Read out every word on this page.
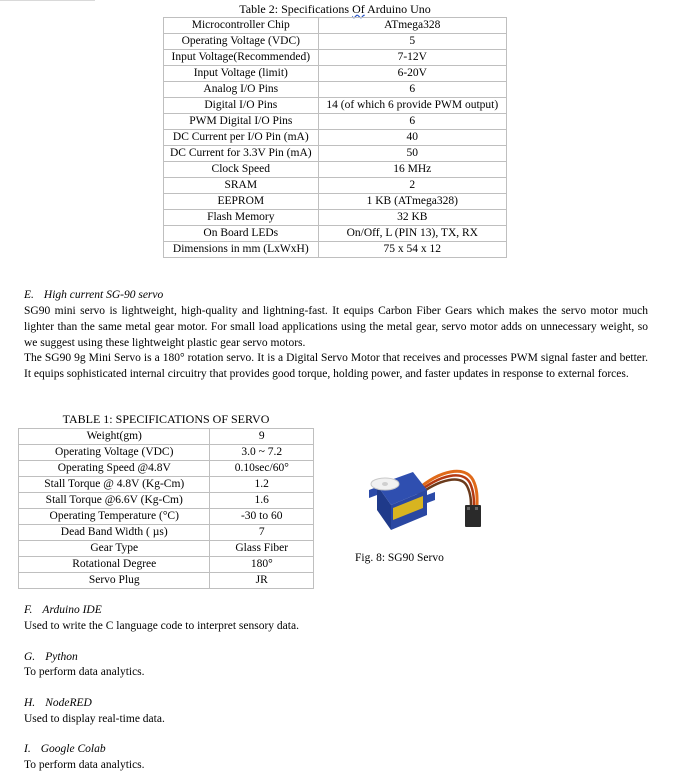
Table 2: Specifications Of Arduino Uno
Microcontroller Chip	ATmega328
Operating Voltage (VDC)	5
Input Voltage(Recommended)	7-12V
Input Voltage (limit)	6-20V
Analog I/O Pins	6
Digital I/O Pins	14 (of which 6 provide PWM output)
PWM Digital I/O Pins	6
DC Current per I/O Pin (mA)	40
DC Current for 3.3V Pin (mA)	50
Clock Speed	16 MHz
SRAM	2
EEPROM	1 KB (ATmega328)
Flash Memory	32 KB
On Board LEDs	On/Off, L (PIN 13), TX, RX
Dimensions in mm (LxWxH)	75 x 54 x 12
E. High current SG-90 servo
SG90 mini servo is lightweight, high-quality and lightning-fast. It equips Carbon Fiber Gears which makes the servo motor much lighter than the same metal gear motor. For small load applications using the metal gear, servo motor adds on unnecessary weight, so we suggest using these lightweight plastic gear servo motors.
The SG90 9g Mini Servo is a 180° rotation servo. It is a Digital Servo Motor that receives and processes PWM signal faster and better. It equips sophisticated internal circuitry that provides good torque, holding power, and faster updates in response to external forces.
TABLE 1: SPECIFICATIONS OF SERVO
Weight(gm)	9
Operating Voltage (VDC)	3.0 ~ 7.2
Operating Speed @4.8V	0.10sec/60°
Stall Torque @ 4.8V (Kg-Cm)	1.2
Stall Torque @6.6V (Kg-Cm)	1.6
Operating Temperature (°C)	-30 to 60
Dead Band Width ( µs)	7
Gear Type	Glass Fiber
Rotational Degree	180°
Servo Plug	JR
Fig. 8: SG90 Servo
F. Arduino IDE
Used to write the C language code to interpret sensory data.
G. Python
To perform data analytics.
H. NodeRED
Used to display real-time data.
I. Google Colab
To perform data analytics.
